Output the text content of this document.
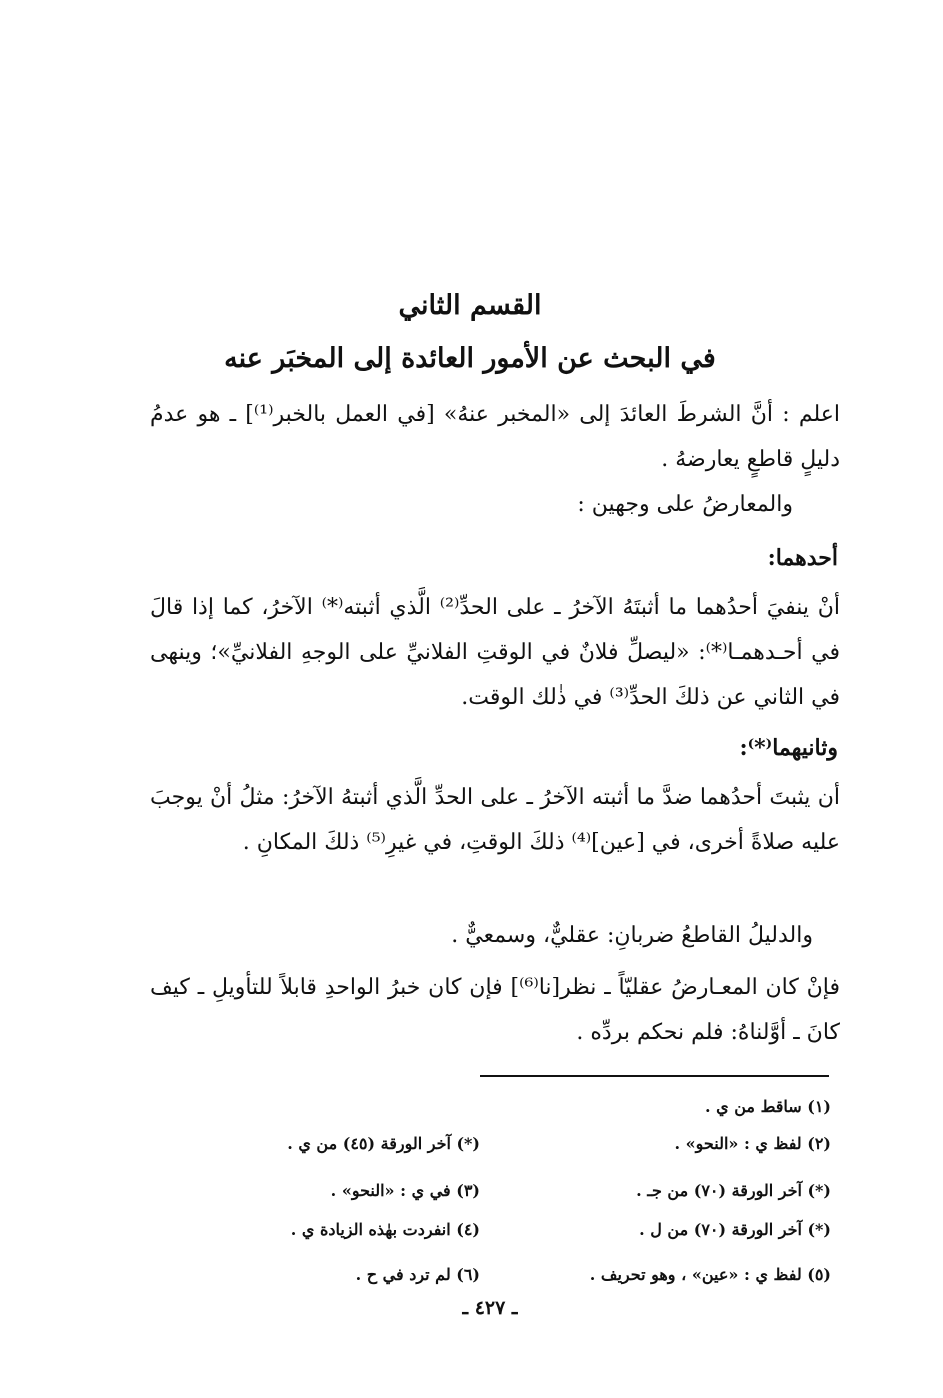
القسم الثاني
في البحث عن الأمور العائدة إلى المخبَر عنه
اعلم : أنَّ الشرطَ العائدَ إلى «المخبر عنهُ» [في العمل بالخبر⁽¹⁾] ـ هو عدمُ دليلٍ قاطعٍ يعارضهُ .
والمعارضُ على وجهين :
أحدهما:
أنْ ينفيَ أحدُهما ما أثبتَهُ الآخرُ ـ على الحدِّ⁽²⁾ الَّذي أثبته⁽*⁾ الآخرُ، كما إذا قالَ في أحـدهمـا⁽*⁾: «ليصلِّ فلانٌ في الوقتِ الفلانيِّ على الوجهِ الفلانيِّ»؛ وينهى في الثاني عن ذلكَ الحدِّ⁽³⁾ في ذٰلك الوقت.
وثانيهما⁽*⁾:
أن يثبتَ أحدُهما ضدَّ ما أثبته الآخرُ ـ على الحدِّ الَّذي أثبتهُ الآخرُ: مثلُ أنْ يوجبَ عليه صلاةً أخرى، في [عين]⁽⁴⁾ ذلكَ الوقتِ، في غيرِ⁽⁵⁾ ذلكَ المكانِ .
والدليلُ القاطعُ ضربانِ: عقليٌّ، وسمعيٌّ .
فإنْ كان المعـارضُ عقليّاً ـ نظر[نا⁽⁶⁾] فإن كان خبرُ الواحدِ قابلاً للتأويلِ ـ كيف كانَ ـ أوَّلناهُ: فلم نحكم بردِّه .
(١) ساقط من ي .
(٢) لفظ ي : «النحو» .
(*) آخر الورقة (٤٥) من ي .
(*) آخر الورقة (٧٠) من جـ .
(٣) في ي : «النحو» .
(*) آخر الورقة (٧٠) من ل .
(٤) انفردت بهٰذه الزيادة ي .
(٥) لفظ ي : «عين» ، وهو تحريف .
(٦) لم ترد في ح .
ـ ٤٢٧ ـ
